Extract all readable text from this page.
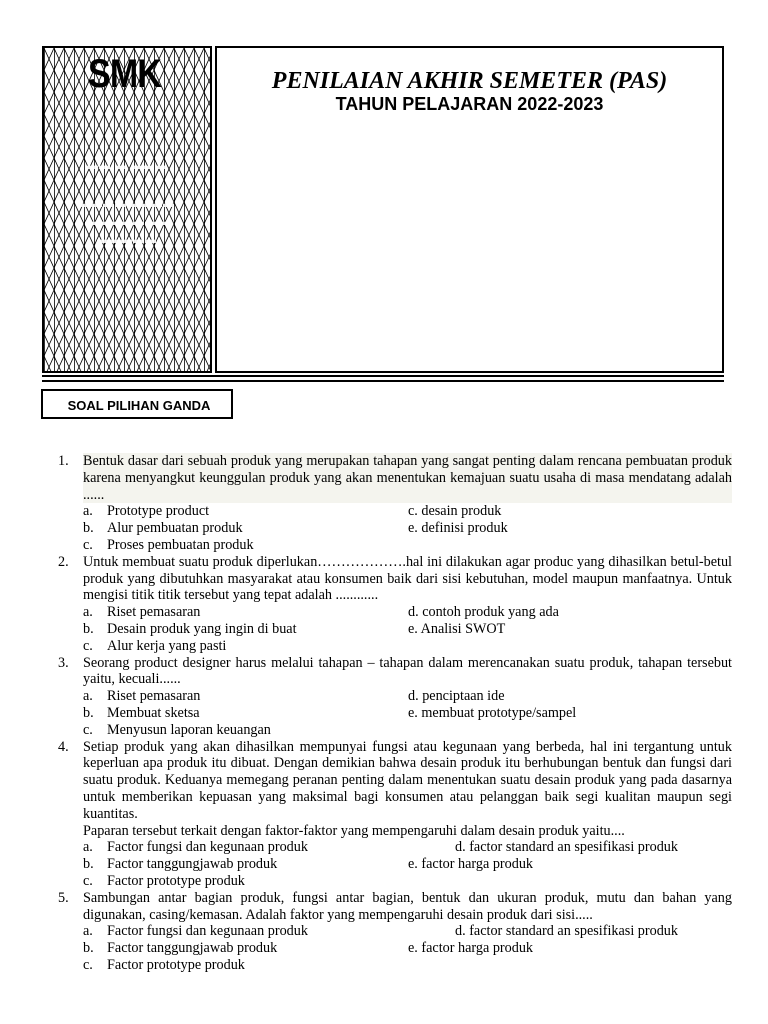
SMK
▬▬ ▬ ▬▬▬
▬▬▬▬▬▬▬▬
▬▬▬▬▬▬▬
▬▬▬▬▬
PENILAIAN AKHIR SEMETER (PAS)
TAHUN PELAJARAN 2022-2023
SOAL PILIHAN GANDA
1. Bentuk dasar dari sebuah produk yang merupakan tahapan yang sangat penting dalam rencana pembuatan produk karena menyangkut keunggulan produk yang akan menentukan kemajuan suatu usaha di masa mendatang adalah ......
a. Prototype product	c. desain produk
b. Alur pembuatan produk	e. definisi produk
c. Proses pembuatan produk
2. Untuk membuat suatu produk diperlukan……………….hal ini dilakukan agar produc yang dihasilkan betul-betul produk yang dibutuhkan masyarakat atau konsumen baik dari sisi kebutuhan, model maupun manfaatnya. Untuk mengisi titik titik tersebut yang tepat adalah ............
a. Riset pemasaran	d. contoh produk yang ada
b. Desain produk yang ingin di buat	e. Analisi SWOT
c. Alur kerja yang pasti
3. Seorang product designer harus melalui tahapan – tahapan dalam merencanakan suatu produk, tahapan tersebut yaitu, kecuali......
a. Riset pemasaran	d. penciptaan ide
b. Membuat sketsa	e. membuat prototype/sampel
c. Menyusun laporan keuangan
4. Setiap produk yang akan dihasilkan mempunyai fungsi atau kegunaan yang berbeda, hal ini tergantung untuk keperluan apa produk itu dibuat. Dengan demikian bahwa desain produk itu berhubungan bentuk dan fungsi dari suatu produk. Keduanya memegang peranan penting dalam menentukan suatu desain produk yang pada dasarnya untuk memberikan kepuasan yang maksimal bagi konsumen atau pelanggan baik segi kualitan maupun segi kuantitas.
Paparan tersebut terkait dengan faktor-faktor yang mempengaruhi dalam desain produk yaitu....
a. Factor fungsi dan kegunaan produk	d. factor standard an spesifikasi produk
b. Factor tanggungjawab produk	e. factor harga produk
c. Factor prototype produk
5. Sambungan antar bagian produk, fungsi antar bagian, bentuk dan ukuran produk, mutu dan bahan yang digunakan, casing/kemasan. Adalah faktor yang mempengaruhi desain produk dari sisi.....
a. Factor fungsi dan kegunaan produk	d. factor standard an spesifikasi produk
b. Factor tanggungjawab produk	e. factor harga produk
c. Factor prototype produk
